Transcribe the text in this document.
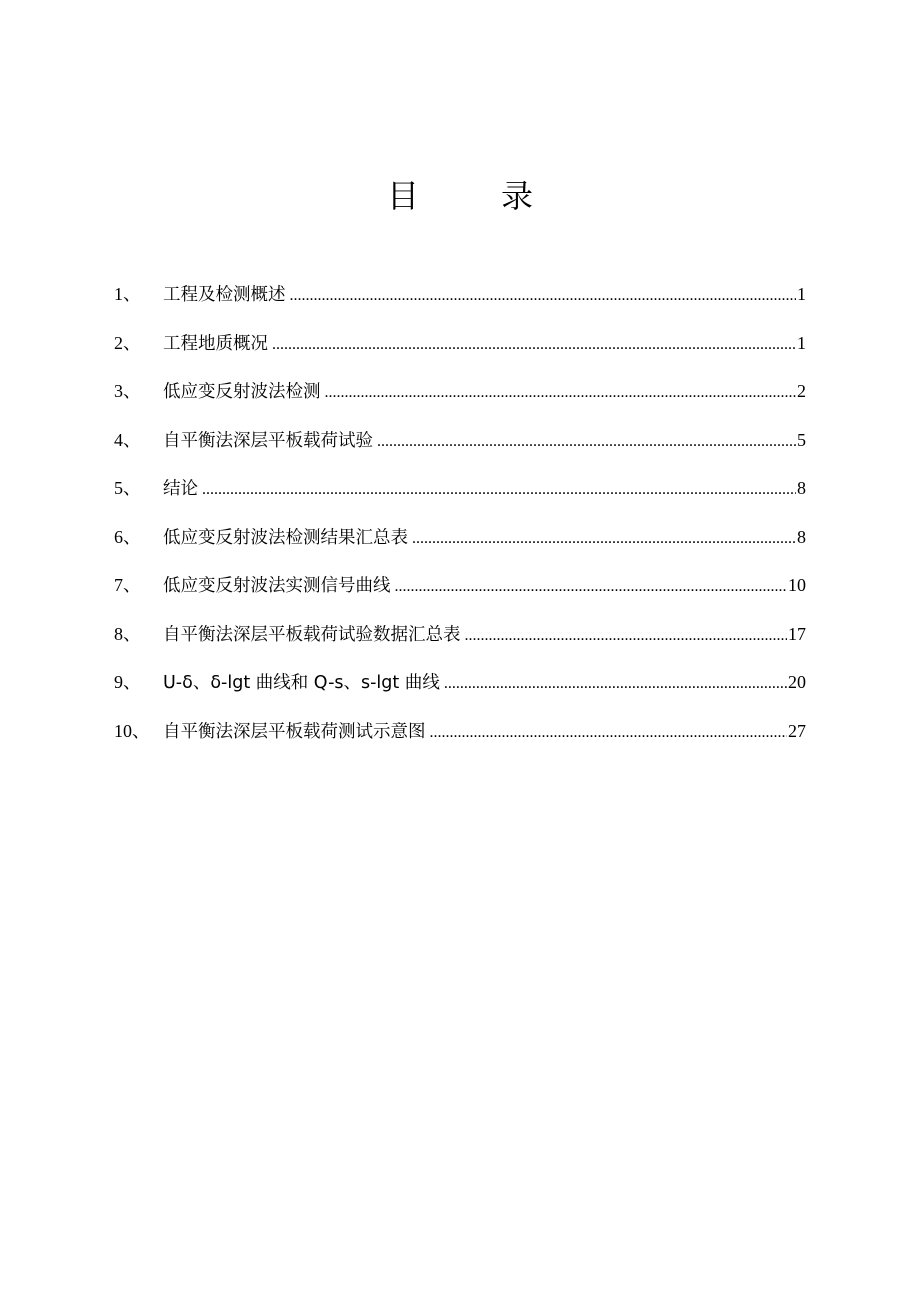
目	录
1、	工程及检测概述 .....	1
2、	工程地质概况 .....	1
3、	低应变反射波法检测 .....	2
4、	自平衡法深层平板载荷试验 .....	5
5、	结论 .....	8
6、	低应变反射波法检测结果汇总表 .....	8
7、	低应变反射波法实测信号曲线 .....	10
8、	自平衡法深层平板载荷试验数据汇总表 .....	17
9、	U-δ、δ-lgt 曲线和 Q-s、s-lgt 曲线 .....	20
10、 自平衡法深层平板载荷测试示意图 .....	27
